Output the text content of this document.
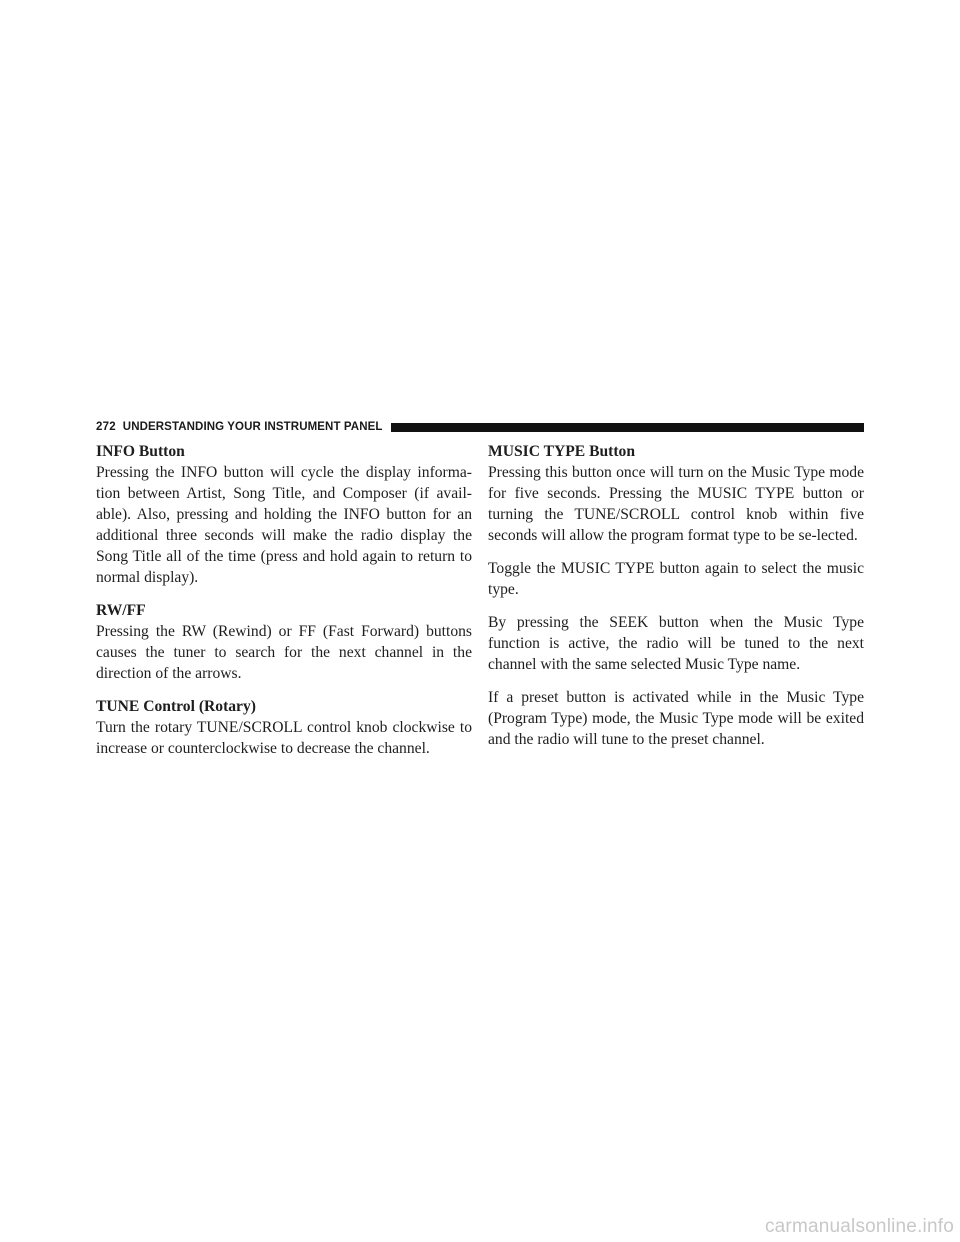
272 UNDERSTANDING YOUR INSTRUMENT PANEL
INFO Button

Pressing the INFO button will cycle the display informa-tion between Artist, Song Title, and Composer (if avail-able). Also, pressing and holding the INFO button for an additional three seconds will make the radio display the Song Title all of the time (press and hold again to return to normal display).

RW/FF

Pressing the RW (Rewind) or FF (Fast Forward) buttons causes the tuner to search for the next channel in the direction of the arrows.

TUNE Control (Rotary)

Turn the rotary TUNE/SCROLL control knob clockwise to increase or counterclockwise to decrease the channel.

MUSIC TYPE Button

Pressing this button once will turn on the Music Type mode for five seconds. Pressing the MUSIC TYPE button or turning the TUNE/SCROLL control knob within five seconds will allow the program format type to be se-lected.

Toggle the MUSIC TYPE button again to select the music type.

By pressing the SEEK button when the Music Type function is active, the radio will be tuned to the next channel with the same selected Music Type name.

If a preset button is activated while in the Music Type (Program Type) mode, the Music Type mode will be exited and the radio will tune to the preset channel.

carmanualsonline.info
